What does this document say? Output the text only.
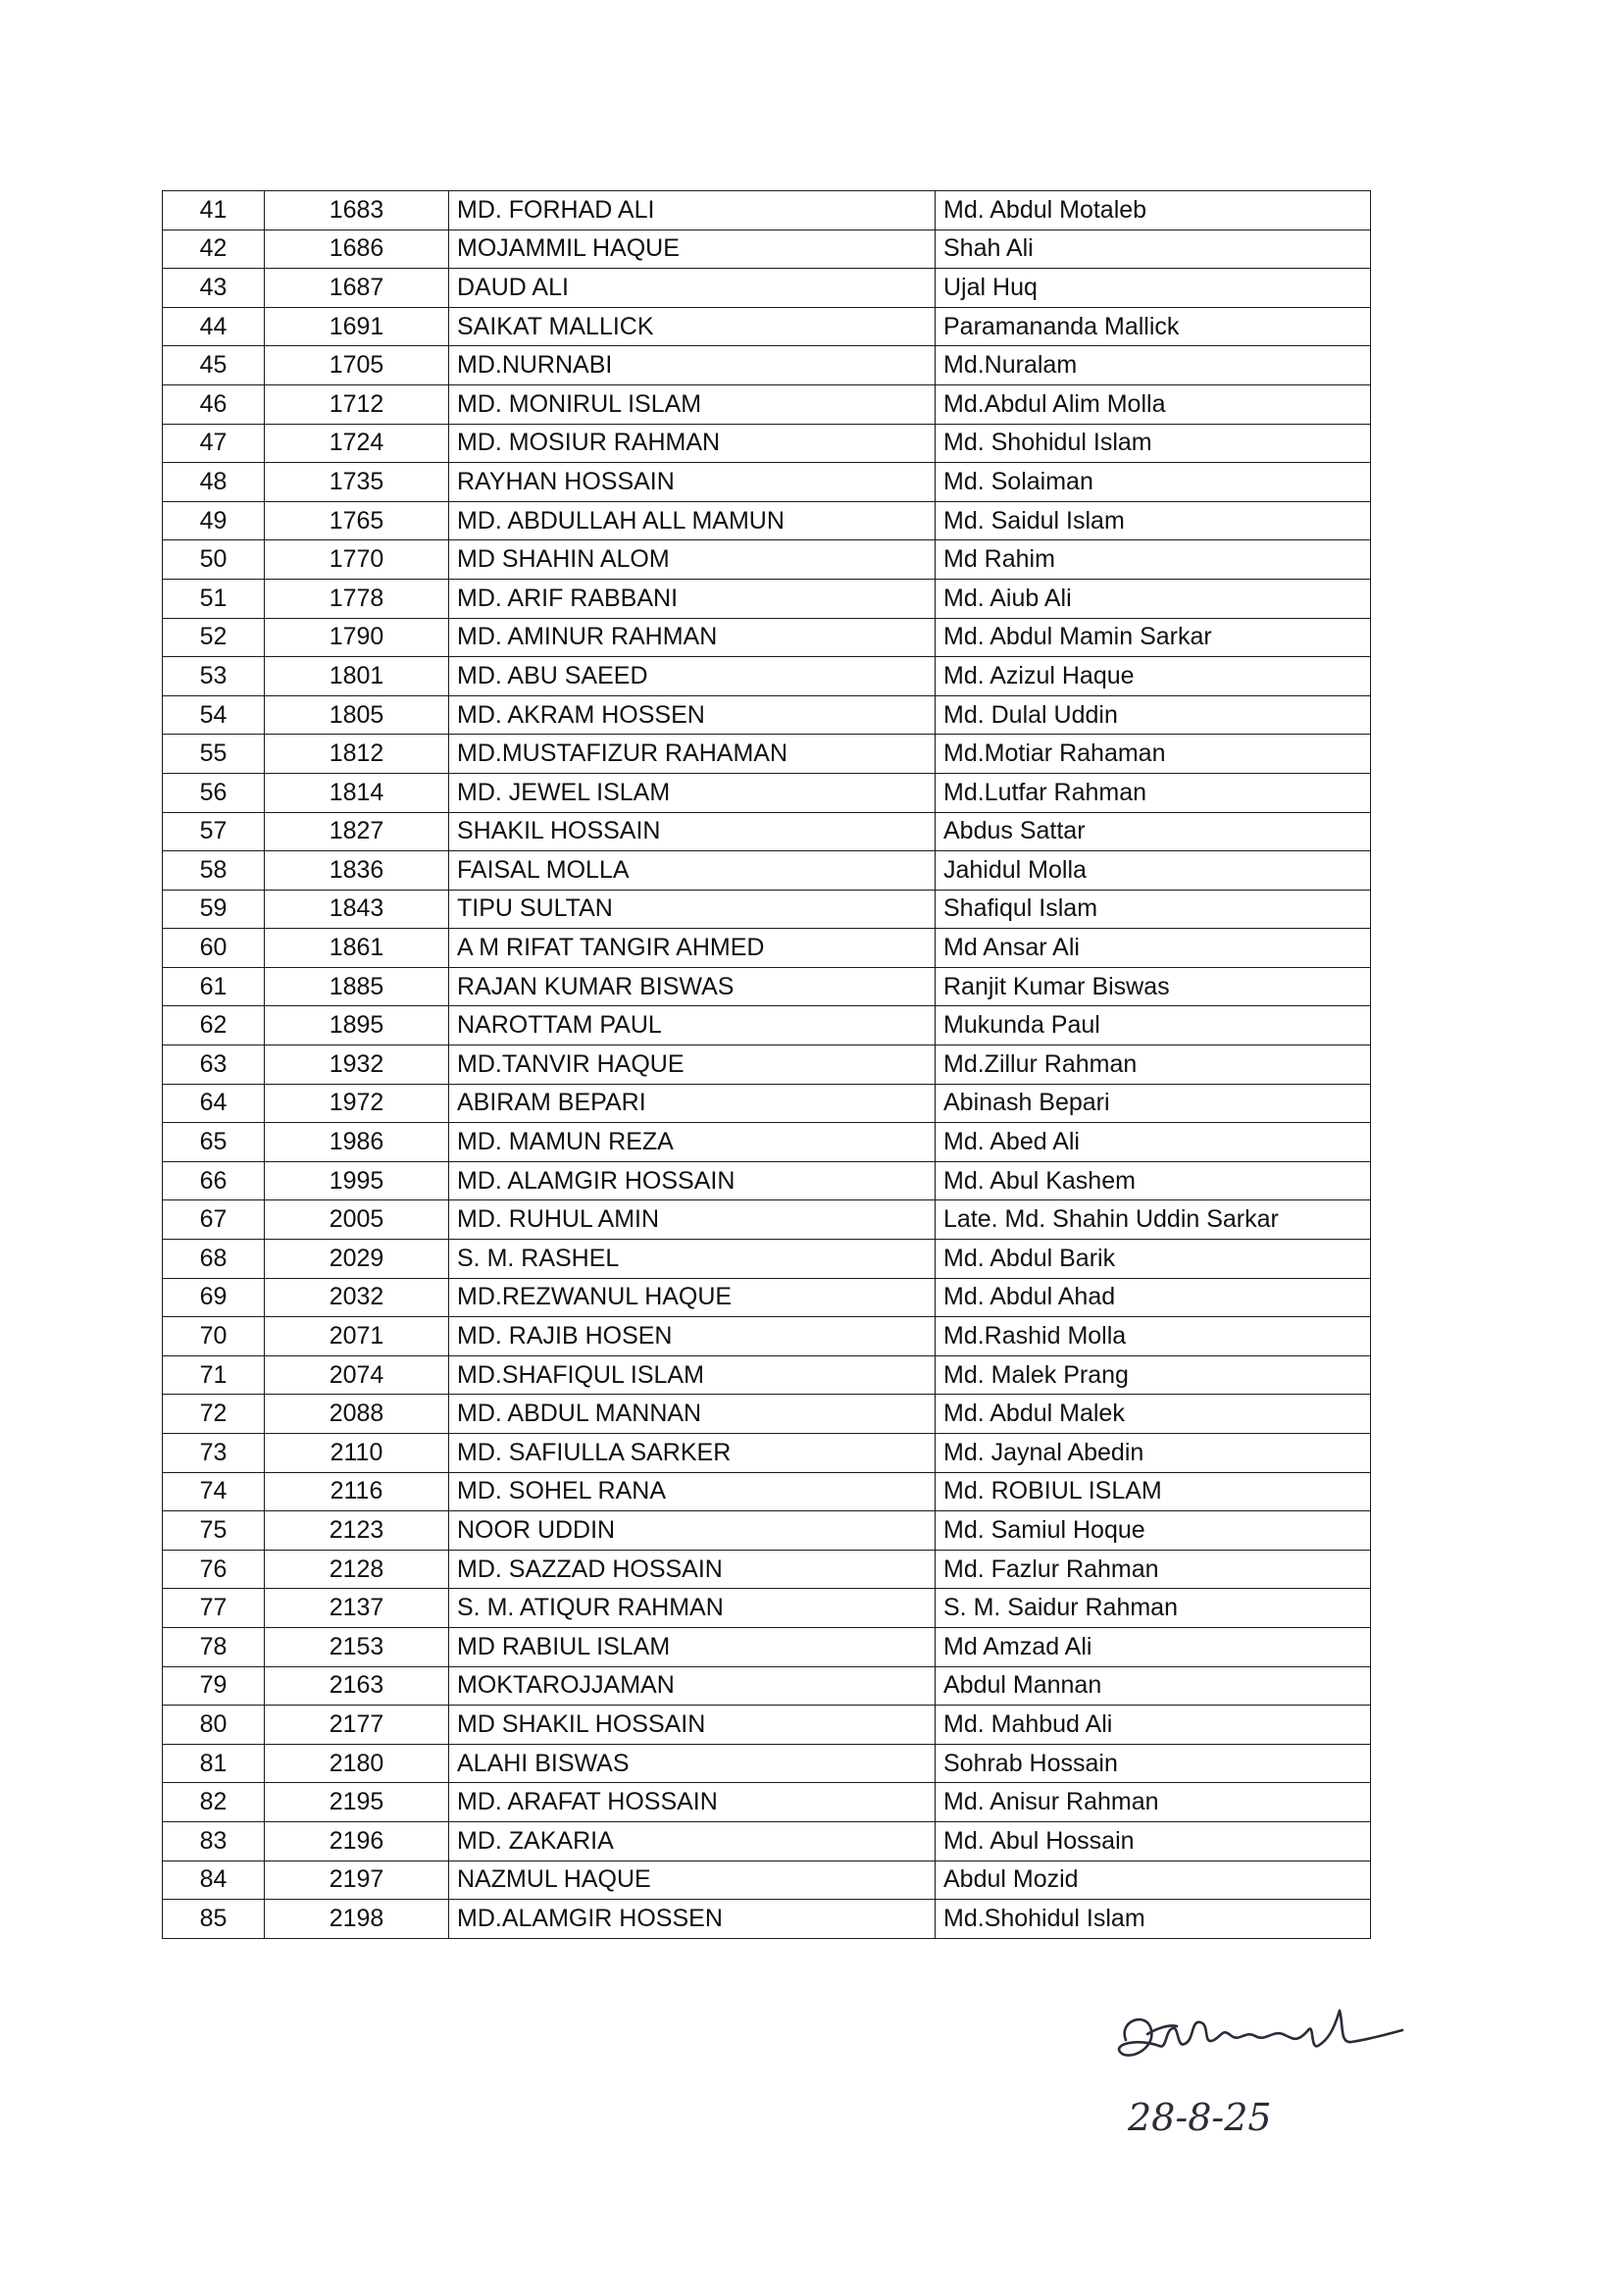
41	1683	MD. FORHAD ALI	Md. Abdul Motaleb
42	1686	MOJAMMIL HAQUE	Shah Ali
43	1687	DAUD ALI	Ujal Huq
44	1691	SAIKAT MALLICK	Paramananda Mallick
45	1705	MD.NURNABI	Md.Nuralam
46	1712	MD. MONIRUL ISLAM	Md.Abdul Alim Molla
47	1724	MD. MOSIUR RAHMAN	Md. Shohidul Islam
48	1735	RAYHAN HOSSAIN	Md. Solaiman
49	1765	MD. ABDULLAH ALL MAMUN	Md. Saidul Islam
50	1770	MD SHAHIN ALOM	Md Rahim
51	1778	MD. ARIF RABBANI	Md. Aiub Ali
52	1790	MD. AMINUR RAHMAN	Md. Abdul Mamin Sarkar
53	1801	MD. ABU SAEED	Md. Azizul Haque
54	1805	MD. AKRAM HOSSEN	Md. Dulal Uddin
55	1812	MD.MUSTAFIZUR RAHAMAN	Md.Motiar Rahaman
56	1814	MD. JEWEL ISLAM	Md.Lutfar Rahman
57	1827	SHAKIL HOSSAIN	Abdus Sattar
58	1836	FAISAL MOLLA	Jahidul Molla
59	1843	TIPU SULTAN	Shafiqul Islam
60	1861	A M RIFAT TANGIR AHMED	Md Ansar Ali
61	1885	RAJAN KUMAR BISWAS	Ranjit Kumar Biswas
62	1895	NAROTTAM PAUL	Mukunda Paul
63	1932	MD.TANVIR HAQUE	Md.Zillur Rahman
64	1972	ABIRAM BEPARI	Abinash Bepari
65	1986	MD. MAMUN REZA	Md. Abed Ali
66	1995	MD. ALAMGIR HOSSAIN	Md. Abul Kashem
67	2005	MD. RUHUL AMIN	Late. Md. Shahin Uddin Sarkar
68	2029	S. M. RASHEL	Md. Abdul Barik
69	2032	MD.REZWANUL HAQUE	Md. Abdul Ahad
70	2071	MD. RAJIB HOSEN	Md.Rashid Molla
71	2074	MD.SHAFIQUL ISLAM	Md. Malek Prang
72	2088	MD. ABDUL MANNAN	Md. Abdul Malek
73	2110	MD. SAFIULLA SARKER	Md. Jaynal Abedin
74	2116	MD. SOHEL RANA	Md. ROBIUL ISLAM
75	2123	NOOR UDDIN	Md. Samiul Hoque
76	2128	MD. SAZZAD HOSSAIN	Md. Fazlur Rahman
77	2137	S. M. ATIQUR RAHMAN	S. M. Saidur Rahman
78	2153	MD RABIUL ISLAM	Md Amzad Ali
79	2163	MOKTAROJJAMAN	Abdul Mannan
80	2177	MD SHAKIL HOSSAIN	Md. Mahbud Ali
81	2180	ALAHI BISWAS	Sohrab Hossain
82	2195	MD. ARAFAT HOSSAIN	Md. Anisur Rahman
83	2196	MD. ZAKARIA	Md. Abul Hossain
84	2197	NAZMUL HAQUE	Abdul Mozid
85	2198	MD.ALAMGIR HOSSEN	Md.Shohidul Islam
28-8-25
